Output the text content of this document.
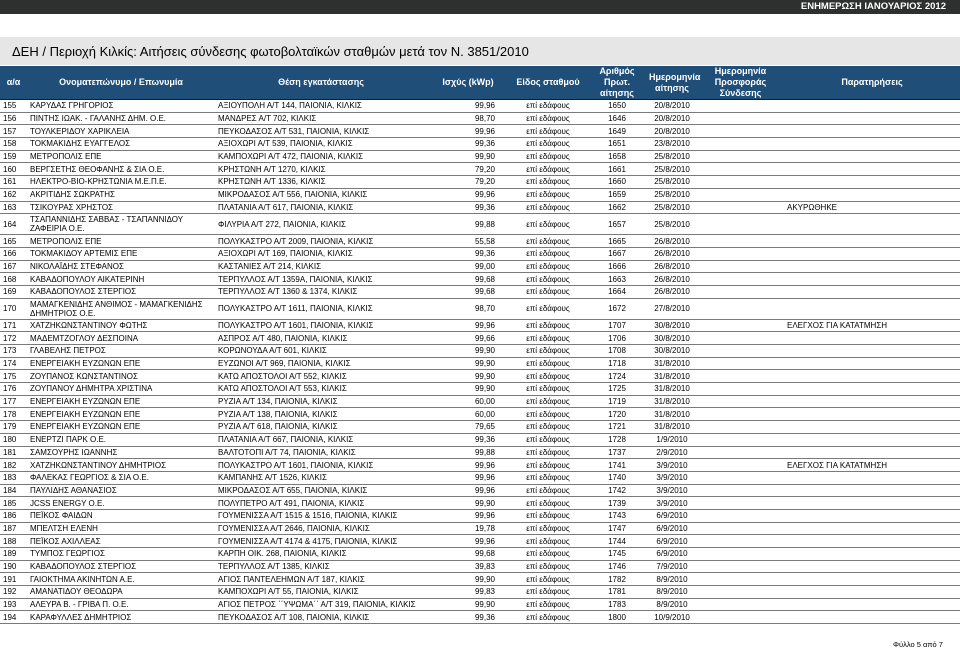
ΕΝΗΜΕΡΩΣΗ ΙΑΝΟΥΑΡΙΟΣ 2012
ΔΕΗ / Περιοχή Κιλκίς: Αιτήσεις σύνδεσης φωτοβολταϊκών σταθμών μετά τον Ν. 3851/2010
α/α	Ονοματεπώνυμο / Επωνυμία	Θέση εγκατάστασης	Ισχύς (kWp)	Είδος σταθμού	Αριθμός Πρωτ. αίτησης	Ημερομηνία αίτησης	Ημερομηνία Προσφοράς Σύνδεσης	Παρατηρήσεις
155	ΚΑΡΥΔΑΣ ΓΡΗΓΟΡΙΟΣ	ΑΞΙΟΥΠΟΛΗ Α/Τ 144, ΠΑΙΟΝΙΑ, ΚΙΛΚΙΣ	99,96	επί εδάφους	1650	20/8/2010		
156	ΠΙΝΤΗΣ ΙΩΑΚ. - ΓΑΛΑΝΗΣ ΔΗΜ. Ο.Ε.	ΜΑΝΔΡΕΣ Α/Τ 702, ΚΙΛΚΙΣ	98,70	επί εδάφους	1646	20/8/2010		
157	ΤΟΥΛΚΕΡΙΔΟΥ ΧΑΡΙΚΛΕΙΑ	ΠΕΥΚΟΔΑΣΟΣ Α/Τ 531, ΠΑΙΟΝΙΑ, ΚΙΛΚΙΣ	99,96	επί εδάφους	1649	20/8/2010		
158	ΤΟΚΜΑΚΙΔΗΣ ΕΥΑΓΓΕΛΟΣ	ΑΞΙΟΧΩΡΙ Α/Τ 539, ΠΑΙΟΝΙΑ, ΚΙΛΚΙΣ	99,36	επί εδάφους	1651	23/8/2010		
159	ΜΕΤΡΟΠΟΛΙΣ ΕΠΕ	ΚΑΜΠΟΧΩΡΙ Α/Τ 472, ΠΑΙΟΝΙΑ, ΚΙΛΚΙΣ	99,90	επί εδάφους	1658	25/8/2010		
160	ΒΕΡΓΣΕΤΗΣ ΘΕΟΦΑΝΗΣ & ΣΙΑ Ο.Ε.	ΚΡΗΣΤΩΝΗ Α/Τ 1270, ΚΙΛΚΙΣ	79,20	επί εδάφους	1661	25/8/2010		
161	ΗΛΕΚΤΡΟ-ΒΙΟ-ΚΡΗΣΤΩΝΙΑ Μ.Ε.Π.Ε.	ΚΡΗΣΤΩΝΗ Α/Τ 1336, ΚΙΛΚΙΣ	79,20	επί εδάφους	1660	25/8/2010		
162	ΑΚΡΙΤΙΔΗΣ ΣΩΚΡΑΤΗΣ	ΜΙΚΡΟΔΑΣΟΣ Α/Τ 556, ΠΑΙΟΝΙΑ, ΚΙΛΚΙΣ	99,96	επί εδάφους	1659	25/8/2010		
163	ΤΣΙΚΟΥΡΑΣ ΧΡΗΣΤΟΣ	ΠΛΑΤΑΝΙΑ Α/Τ 617, ΠΑΙΟΝΙΑ, ΚΙΛΚΙΣ	99,36	επί εδάφους	1662	25/8/2010		ΑΚΥΡΩΘΗΚΕ
164	ΤΣΑΠΑΝΝΙΔΗΣ ΣΑΒΒΑΣ - ΤΣΑΠΑΝΝΙΔΟΥ ΖΑΦΕΙΡΙΑ Ο.Ε.	ΦΙΛΥΡΙΑ Α/Τ 272, ΠΑΙΟΝΙΑ, ΚΙΛΚΙΣ	99,88	επί εδάφους	1657	25/8/2010		
165	ΜΕΤΡΟΠΟΛΙΣ ΕΠΕ	ΠΟΛΥΚΑΣΤΡΟ Α/Τ 2009, ΠΑΙΟΝΙΑ, ΚΙΛΚΙΣ	55,58	επί εδάφους	1665	26/8/2010		
166	ΤΟΚΜΑΚΙΔΟΥ ΑΡΤΕΜΙΣ ΕΠΕ	ΑΞΙΟΧΩΡΙ Α/Τ 169, ΠΑΙΟΝΙΑ, ΚΙΛΚΙΣ	99,36	επί εδάφους	1667	26/8/2010		
167	ΝΙΚΟΛΑΪΔΗΣ ΣΤΕΦΑΝΟΣ	ΚΑΣΤΑΝΙΕΣ Α/Τ 214, ΚΙΛΚΙΣ	99,00	επί εδάφους	1666	26/8/2010		
168	ΚΑΒΑΔΟΠΟΥΛΟΥ ΑΙΚΑΤΕΡΙΝΗ	ΤΕΡΠΥΛΛΟΣ Α/Τ 1359Α, ΠΑΙΟΝΙΑ, ΚΙΛΚΙΣ	99,68	επί εδάφους	1663	26/8/2010		
169	ΚΑΒΑΔΟΠΟΥΛΟΣ ΣΤΕΡΓΙΟΣ	ΤΕΡΠΥΛΛΟΣ Α/Τ 1360 & 1374, ΚΙΛΚΙΣ	99,68	επί εδάφους	1664	26/8/2010		
170	ΜΑΜΑΓΚΕΝΙΔΗΣ ΑΝΘΙΜΟΣ - ΜΑΜΑΓΚΕΝΙΔΗΣ ΔΗΜΗΤΡΙΟΣ Ο.Ε.	ΠΟΛΥΚΑΣΤΡΟ Α/Τ 1611, ΠΑΙΟΝΙΑ, ΚΙΛΚΙΣ	98,70	επί εδάφους	1672	27/8/2010		
171	ΧΑΤΖΗΚΩΝΣΤΑΝΤΙΝΟΥ ΦΩΤΗΣ	ΠΟΛΥΚΑΣΤΡΟ Α/Τ 1601, ΠΑΙΟΝΙΑ, ΚΙΛΚΙΣ	99,96	επί εδάφους	1707	30/8/2010		ΕΛΕΓΧΟΣ ΓΙΑ ΚΑΤΑΤΜΗΣΗ
172	ΜΑΔΕΜΤΖΟΓΛΟΥ ΔΕΣΠΟΙΝΑ	ΑΣΠΡΟΣ Α/Τ 480, ΠΑΙΟΝΙΑ, ΚΙΛΚΙΣ	99,66	επί εδάφους	1706	30/8/2010		
173	ΓΛΑΒΕΛΗΣ ΠΕΤΡΟΣ	ΚΟΡΩΝΟΥΔΑ Α/Τ 601, ΚΙΛΚΙΣ	99,90	επί εδάφους	1708	30/8/2010		
174	ΕΝΕΡΓΕΙΑΚΗ ΕΥΖΩΝΩΝ ΕΠΕ	ΕΥΖΩΝΟΙ Α/Τ 969, ΠΑΙΟΝΙΑ, ΚΙΛΚΙΣ	99,90	επί εδάφους	1718	31/8/2010		
175	ΖΟΥΠΑΝΟΣ ΚΩΝΣΤΑΝΤΙΝΟΣ	ΚΑΤΩ ΑΠΟΣΤΟΛΟΙ Α/Τ 552, ΚΙΛΚΙΣ	99,90	επί εδάφους	1724	31/8/2010		
176	ΖΟΥΠΑΝΟΥ ΔΗΜΗΤΡΑ ΧΡΙΣΤΙΝΑ	ΚΑΤΩ ΑΠΟΣΤΟΛΟΙ Α/Τ 553, ΚΙΛΚΙΣ	99,90	επί εδάφους	1725	31/8/2010		
177	ΕΝΕΡΓΕΙΑΚΗ ΕΥΖΩΝΩΝ ΕΠΕ	ΡΥΖΙΑ Α/Τ 134, ΠΑΙΟΝΙΑ, ΚΙΛΚΙΣ	60,00	επί εδάφους	1719	31/8/2010		
178	ΕΝΕΡΓΕΙΑΚΗ ΕΥΖΩΝΩΝ ΕΠΕ	ΡΥΖΙΑ Α/Τ 138, ΠΑΙΟΝΙΑ, ΚΙΛΚΙΣ	60,00	επί εδάφους	1720	31/8/2010		
179	ΕΝΕΡΓΕΙΑΚΗ ΕΥΖΩΝΩΝ ΕΠΕ	ΡΥΖΙΑ Α/Τ 618, ΠΑΙΟΝΙΑ, ΚΙΛΚΙΣ	79,65	επί εδάφους	1721	31/8/2010		
180	ΕΝΕΡΤΖΙ ΠΑΡΚ Ο.Ε.	ΠΛΑΤΑΝΙΑ Α/Τ 667, ΠΑΙΟΝΙΑ, ΚΙΛΚΙΣ	99,36	επί εδάφους	1728	1/9/2010		
181	ΣΑΜΣΟΥΡΗΣ ΙΩΑΝΝΗΣ	ΒΑΛΤΟΤΟΠΙ Α/Τ 74, ΠΑΙΟΝΙΑ, ΚΙΛΚΙΣ	99,88	επί εδάφους	1737	2/9/2010		
182	ΧΑΤΖΗΚΩΝΣΤΑΝΤΙΝΟΥ ΔΗΜΗΤΡΙΟΣ	ΠΟΛΥΚΑΣΤΡΟ Α/Τ 1601, ΠΑΙΟΝΙΑ, ΚΙΛΚΙΣ	99,96	επί εδάφους	1741	3/9/2010		ΕΛΕΓΧΟΣ ΓΙΑ ΚΑΤΑΤΜΗΣΗ
183	ΦΑΛΕΚΑΣ ΓΕΩΡΓΙΟΣ & ΣΙΑ Ο.Ε.	ΚΑΜΠΑΝΗΣ Α/Τ 1526, ΚΙΛΚΙΣ	99,96	επί εδάφους	1740	3/9/2010		
184	ΠΑΥΛΙΔΗΣ ΑΘΑΝΑΣΙΟΣ	ΜΙΚΡΟΔΑΣΟΣ Α/Τ 655, ΠΑΙΟΝΙΑ, ΚΙΛΚΙΣ	99,96	επί εδάφους	1742	3/9/2010		
185	JCSS ENERGY Ο.Ε.	ΠΟΛΥΠΕΤΡΟ Α/Τ 491, ΠΑΙΟΝΙΑ, ΚΙΛΚΙΣ	99,90	επί εδάφους	1739	3/9/2010		
186	ΠΕΪΚΟΣ ΦΑΙΔΩΝ	ΓΟΥΜΕΝΙΣΣΑ Α/Τ 1515 & 1516, ΠΑΙΟΝΙΑ, ΚΙΛΚΙΣ	99,96	επί εδάφους	1743	6/9/2010		
187	ΜΠΕΛΤΣΗ ΕΛΕΝΗ	ΓΟΥΜΕΝΙΣΣΑ Α/Τ 2646, ΠΑΙΟΝΙΑ, ΚΙΛΚΙΣ	19,78	επί εδάφους	1747	6/9/2010		
188	ΠΕΪΚΟΣ ΑΧΙΛΛΕΑΣ	ΓΟΥΜΕΝΙΣΣΑ Α/Τ 4174 & 4175, ΠΑΙΟΝΙΑ, ΚΙΛΚΙΣ	99,96	επί εδάφους	1744	6/9/2010		
189	ΤΥΜΠΟΣ ΓΕΩΡΓΙΟΣ	ΚΑΡΠΗ ΟΙΚ. 268, ΠΑΙΟΝΙΑ, ΚΙΛΚΙΣ	99,68	επί εδάφους	1745	6/9/2010		
190	ΚΑΒΑΔΟΠΟΥΛΟΣ ΣΤΕΡΓΙΟΣ	ΤΕΡΠΥΛΛΟΣ Α/Τ 1385, ΚΙΛΚΙΣ	39,83	επί εδάφους	1746	7/9/2010		
191	ΓΑΙΟΚΤΗΜΑ ΑΚΙΝΗΤΩΝ Α.Ε.	ΑΓΙΟΣ ΠΑΝΤΕΛΕΗΜΩΝ Α/Τ 187, ΚΙΛΚΙΣ	99,90	επί εδάφους	1782	8/9/2010		
192	ΑΜΑΝΑΤΙΔΟΥ ΘΕΟΔΩΡΑ	ΚΑΜΠΟΧΩΡΙ Α/Τ 55, ΠΑΙΟΝΙΑ, ΚΙΛΚΙΣ	99,83	επί εδάφους	1781	8/9/2010		
193	ΑΛΕΥΡΑ Β. - ΓΡΙΒΑ Π. Ο.Ε.	ΑΓΙΟΣ ΠΕΤΡΟΣ ΄΄ΥΨΩΜΑ΄΄ Α/Τ 319, ΠΑΙΟΝΙΑ, ΚΙΛΚΙΣ	99,90	επί εδάφους	1783	8/9/2010		
194	ΚΑΡΑΦΥΛΛΕΣ ΔΗΜΗΤΡΙΟΣ	ΠΕΥΚΟΔΑΣΟΣ Α/Τ 108, ΠΑΙΟΝΙΑ, ΚΙΛΚΙΣ	99,36	επί εδάφους	1800	10/9/2010		
Φύλλο 5 από 7
